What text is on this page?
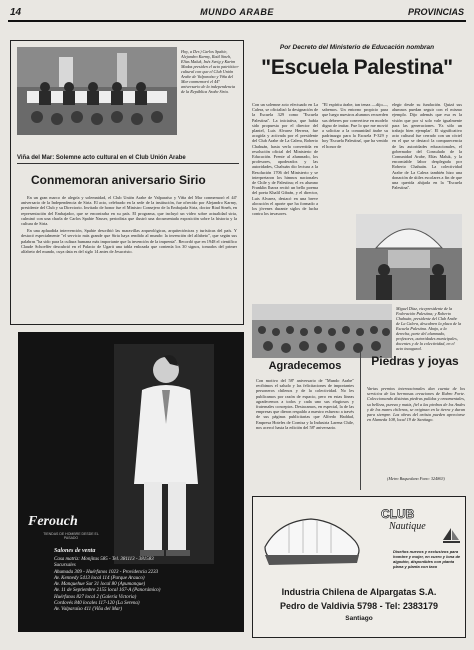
14	MUNDO ARABE	PROVINCIAS
Hoy, a Der.) Carlos Spahie, Alejandro Karmy, Raúl Sineh, Elías Maluk, Inés Sveig y Karim Madas presiden el acto patriótico-cultural con que el Club Unión Arabe de Valparaíso y Viña del Mar conmemoró el 44º aniversario de la independencia de la República Arabe Siria.
Viña del Mar: Solemne acto cultural en el Club Unión Arabe
Conmemoran aniversario Sirio

En un gran marco de alegría y solemnidad, el Club Unión Arabe de Valparaíso y Viña del Mar conmemoró el 44º aniversario de la Independencia de Siria. El acto, celebrado en la sede de la institución, fue ofrecido por Alejandro Karmy, presidente del Club y su Directorio. Invitado de honor fue el Ministro Consejero de la Embajada Siria, doctor Riad Sineh, en representación del Embajador, que se encontraba en su país. El programa, que incluyó un video sobre actualidad siria, culminó con una charla de Carlos Spahie Nasser, periodista que ilustró una documentada exposición sobre la historia y la cultura de Siria.

En una apluadida intervención, Spahie describió las maravillas arqueológicas, arquitectónicas y turísticas del país. Y destacó especialmente "el servicio más grande que Siria haya rendido al mundo: la invención del alfabeto", que según sus palabras "ha sido para la cultura humana más importante que la invención de la imprenta". Recordó que en 1948 el científico Claude Schoeffer descubrió en el Palacio de Ugarit una tabla enlozada que contenía los 30 signos, tomados del primer alfabeto del mundo, cuya data es del siglo 14 antes de Jesucristo.

Por Decreto del Ministerio de Educación nombran
"Escuela Palestina"
Con un solemne acto efectuado en La Calera, se oficializó la designación de la Escuela 329 como "Escuela Palestina". La iniciativa, que había sido propuesta por el director del plantel, Luis Alvarez Herrera, fue acogida y activada por el presidente del Club Arabe de La Calera, Roberto Chahuán, hasta verla convertida en resolución oficial del Ministerio de Educación. Frente al alumnado, los profesores, apoderados y las autoridades, Chahuán dio lectura a la Resolución 1706 del Ministerio y se interpretaron los himnos nacionales de Chile y de Palestina; el ex alumno Franklin Ibarra recitó un bello poema del poeta Khalil Gibrán, y el director, Luis Alvarez, destacó en una breve alocución el aporte que ha formado a los jóvenes durante siglos de lucha contra los invasores.
"El espíritu árabe, tan tenaz —dijo—, sabemos. Un entorno propicio para que luego nuestros alumnos recuerden sus deberes por convertirse en modelo digno de imitar. Fue lo que me movió a solicitar a la comunidad árabe su padrinazgo para la Escuela F-329 y hoy 'Escuela Palestina', que ha venido el honor de
elegir desde su fundación. Quizá sus alumnos puedan seguir con el mismo ejemplo. Dijo además que esa es la visión que por sí solo vale igualmente para las generaciones. 'Es sólo un trabajo bien ejemplar'. El significativo acto cultural fue cerrado con un cóctel en el que se destacó la comparecencia de las autoridades educacionales, el gobernador del Consulado de la Comunidad Arabe, Elías Maluk, y la encomiable labor desplegada por Roberto Chahuán. La colectividad Arabe de La Calera también hizo una donación de útiles escolares a fin de que una querida ahijada en la "Escuela Palestina".
Miguel Díaz, vicepresidente de la Federación Palestina; y Roberto Chahuán, presidente del Club Arabe de La Calera, descubren la placa de la Escuela Palestina. Abajo, a la derecha, parte del alumnado, profesores, autoridades municipales, docentes y de la colectividad, en el acto inaugural.
Agradecemos
Con motivo del 58º aniversario de "Mundo Arabe" recibimos el saludo y las felicitaciones de importantes personeros chilenos y de la colectividad. No les publicamos por razón de espacio, pero en estas líneas agradecemos a todos y cada uno sus elogiosos y fraternales conceptos. Destacamos, en especial, la de las empresas que dieron respaldo a nuestro esfuerzo a través de sus páginas publicitarias que Alfredo Haddad, Empresa Hoteles de Cornisa y la Industria Larena Chile, nos acercó hasta la edición del 58º aniversario.
Piedras y joyas
Varias premios internacionales dan cuenta de los servicios de las hermosas creaciones de Rubro Forte. Coleccionando distintas piedras pulidas y ornamentales, su belleza, pureza y matiz, fiel a las piedras de los Andes y de los mares chilenos, se originan en la tierra y duran para siempre. Las obras del artista pueden apreciarse en Alameda 108, local 19 de Santiago.
(Metro Baquedano Fono: 324863)
Ferouch
TIENDAS DE HOMBRE DESDE EL PASADO
Salones de venta
Casa matriz: Monjitas 585 - Tel. 381113 - 381583
Sucursales
Ahumada 309 - Huérfanos 1023 - Providencia 2233
Av. Kennedy 5413 local 114 (Parque Arauco)
Av. Manquehue Sur 31 local 80 (Apumanque)
Av. 11 de Septiembre 2155 local 167-A (Panorámico)
Huérfanos 827 local 2 (Galería Victoria)
Cordovés 840 locales 117-120 (La Serena)
Av. Valparaíso 411 (Viña del Mar)
CLUB
Nautique
Diseños nuevos y exclusivos para hombre y mujer, en cuero y lona de algodón, disponibles con planta plana y planta con taco
Industria Chilena de Alpargatas S.A.
Pedro de Valdivia 5798 - Tel: 2383179
Santiago
